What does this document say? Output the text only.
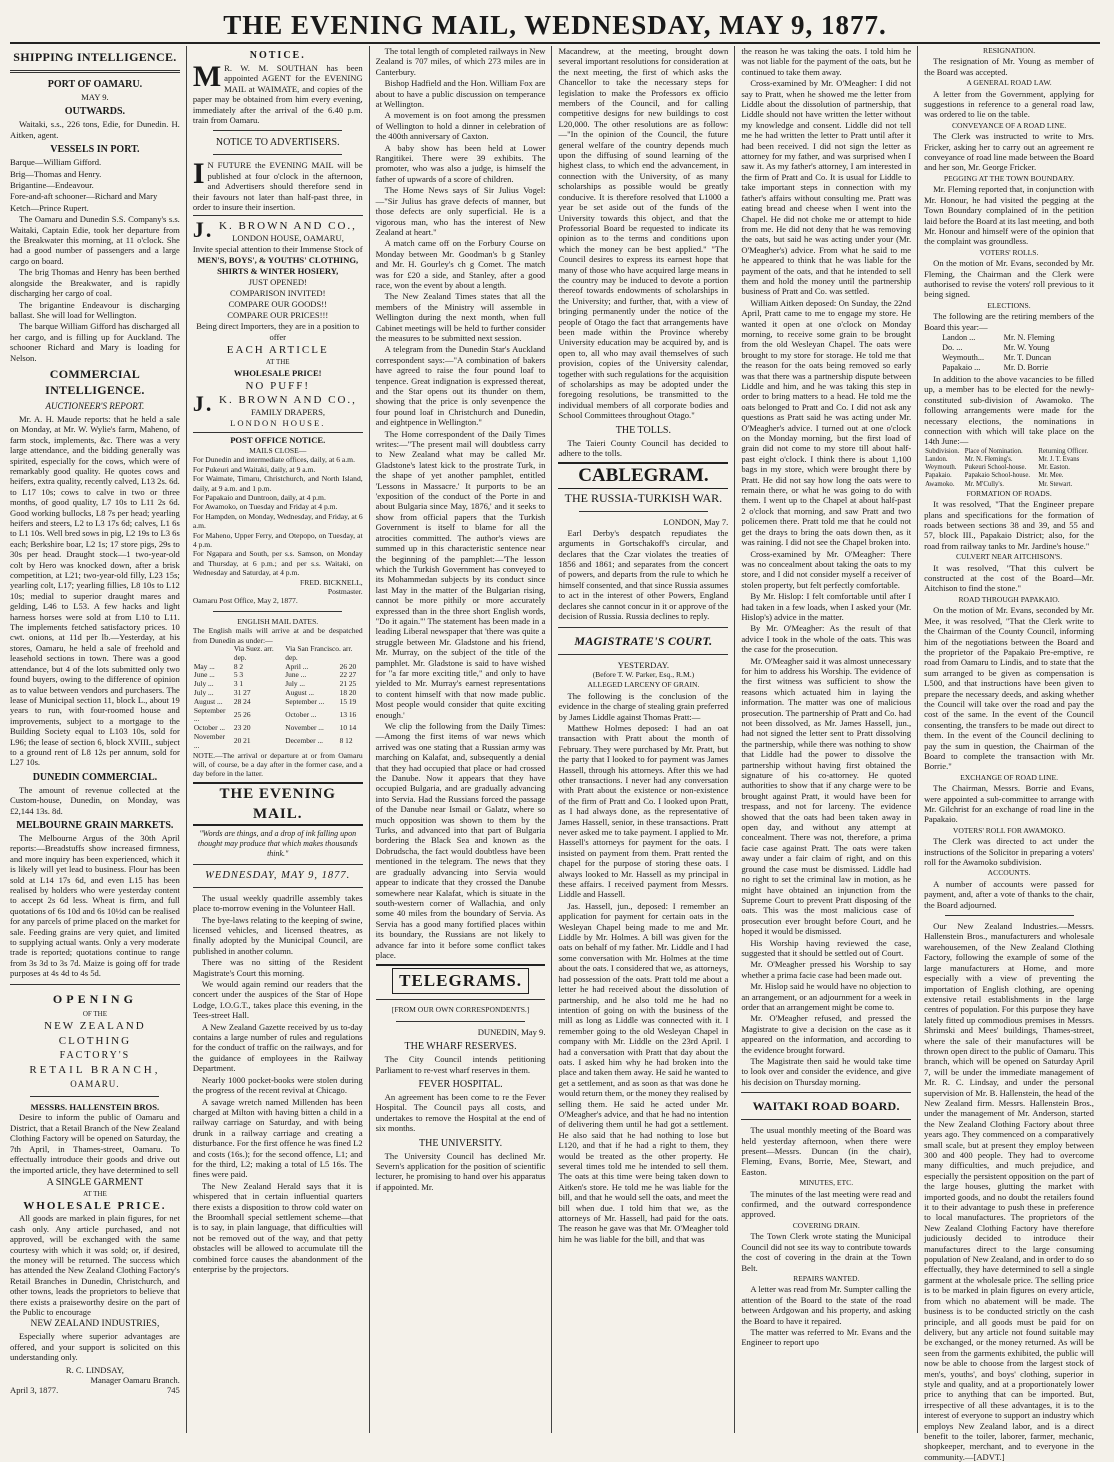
THE EVENING MAIL, WEDNESDAY, MAY 9, 1877.
SHIPPING INTELLIGENCE.
PORT OF OAMARU.
MAY 9.
OUTWARDS.

Waitaki, s.s., 226 tons, Edie, for Dunedin. H. Aitken, agent.

VESSELS IN PORT.

Barque—William Gifford.

Brig—Thomas and Henry.

Brigantine—Endeavour.

Fore-and-aft schooner—Richard and Mary

Ketch—Prince Rupert.

The Oamaru and Dunedin S.S. Company's s.s. Waitaki, Captain Edie, took her departure from the Breakwater this morning, at 11 o'clock. She had a good number of passengers and a large cargo on board.

The brig Thomas and Henry has been berthed alongside the Breakwater, and is rapidly discharging her cargo of coal.

The brigantine Endeavour is discharging ballast. She will load for Wellington.

The barque William Gifford has discharged all her cargo, and is filling up for Auckland. The schooner Richard and Mary is loading for Nelson.

COMMERCIAL INTELLIGENCE.
AUCTIONEER'S REPORT.

Mr. A. H. Maude reports: that he held a sale on Monday, at Mr. W. Wylie's farm, Maheno, of farm stock, implements, &c. There was a very large attendance, and the bidding generally was spirited, especially for the cows, which were of remarkably good quality. He quotes cows and heifers, extra quality, recently calved, L13 2s. 6d. to L17 10s; cows to calve in two or three months, of good quality, L7 10s to L11 2s 6d. Good working bullocks, L8 7s per head; yearling heifers and steers, L2 to L3 17s 6d; calves, L1 6s to L1 10s. Well bred sows in pig, L2 19s to L3 6s each; Berkshire boar, L2 1s; 17 store pigs, 29s to 30s per head. Draught stock—1 two-year-old colt by Hero was knocked down, after a brisk competition, at L21; two-year-old filly, L23 15s; yearling colt, L17; yearling fillies, L8 10s to L12 10s; medial to superior draught mares and gelding, L46 to L53. A few hacks and light harness horses were sold at from L10 to L11. The implements fetched satisfactory prices. 10 cwt. onions, at 11d per lb.—Yesterday, at his stores, Oamaru, he held a sale of freehold and leasehold sections in town. There was a good attendance, but 4 of the lots submitted only two found buyers, owing to the difference of opinion as to value between vendors and purchasers. The lease of Municipal section 11, block L., about 19 years to run, with four-roomed house and improvements, subject to a mortgage to the Building Society equal to L103 10s, sold for L96; the lease of section 6, block XVIII., subject to a ground rent of L8 12s per annum, sold for L27 10s.

DUNEDIN COMMERCIAL.

The amount of revenue collected at the Custom-house, Dunedin, on Monday, was £2,144 13s. 8d.

MELBOURNE GRAIN MARKETS.

The Melbourne Argus of the 30th April reports:—Breadstuffs show increased firmness, and more inquiry has been experienced, which it is likely will yet lead to business. Flour has been sold at L14 17s 6d, and even L15 has been realised by holders who were yesterday content to accept 2s 6d less. Wheat is firm, and full quotations of 6s 10d and 6s 10½d can be realised for any parcels of prime placed on the market for sale. Feeding grains are very quiet, and limited to supplying actual wants. Only a very moderate trade is reported; quotations continue to range from 3s 3d to 3s 7d. Maize is going off for trade purposes at 4s 4d to 4s 5d.

OPENING
OF THE
NEW ZEALAND CLOTHING
FACTORY'S
RETAIL BRANCH,
OAMARU.
MESSRS. HALLENSTEIN BROS.

Desire to inform the public of Oamaru and District, that a Retail Branch of the New Zealand Clothing Factory will be opened on Saturday, the 7th April, in Thames-street, Oamaru. To effectually introduce their goods and drive out the imported article, they have determined to sell

A SINGLE GARMENT
AT THE
WHOLESALE PRICE.

All goods are marked in plain figures, for net cash only. Any article purchased, and not approved, will be exchanged with the same courtesy with which it was sold; or, if desired, the money will be returned. The success which has attended the New Zealand Clothing Factory's Retail Branches in Dunedin, Christchurch, and other towns, leads the proprietors to believe that there exists a praiseworthy desire on the part of the Public to encourage

NEW ZEALAND INDUSTRIES,

Especially where superior advantages are offered, and your support is solicited on this understanding only.

R. C. LINDSAY,
Manager Oamaru Branch.
April 3, 1877.	745
NOTICE.

M R. W. M. SOUTHAN has been appointed AGENT for the EVENING MAIL at WAIMATE, and copies of the paper may be obtained from him every evening, immediately after the arrival of the 6.40 p.m. train from Oamaru.

NOTICE TO ADVERTISERS.

I N FUTURE the EVENING MAIL will be published at four o'clock in the afternoon, and Advertisers should therefore send in their favours not later than half-past three, in order to insure their insertion.

J. K. BROWN AND CO.,
LONDON HOUSE, OAMARU,
Invite special attention to their Immense Stock of
MEN'S, BOYS', & YOUTHS' CLOTHING,
SHIRTS & WINTER HOSIERY,
JUST OPENED!
COMPARISON INVITED!
COMPARE OUR GOODS!!
COMPARE OUR PRICES!!!
Being direct Importers, they are in a position to offer
EACH ARTICLE
AT THE
WHOLESALE PRICE!
NO PUFF!
J. K. BROWN AND CO.,
FAMILY DRAPERS,
LONDON HOUSE.
POST OFFICE NOTICE.
MAILS CLOSE—
For Dunedin and intermediate offices, daily, at 6 a.m.
For Pukeuri and Waitaki, daily, at 9 a.m.
For Waimate, Timaru, Christchurch, and North Island, daily, at 9 a.m. and 1 p.m.
For Papakaio and Duntroon, daily, at 4 p.m.
For Awamoko, on Tuesday and Friday at 4 p.m.
For Hampden, on Monday, Wednesday, and Friday, at 6 a.m.
For Maheno, Upper Ferry, and Otepopo, on Tuesday, at 4 p.m.
For Ngapara and South, per s.s. Samson, on Monday and Thursday, at 6 p.m.; and per s.s. Waitaki, on Wednesday and Saturday, at 4 p.m.
FRED. BICKNELL,
Postmaster.
Oamaru Post Office, May 2, 1877.
ENGLISH MAIL DATES.
The English mails will arrive at and be despatched from Dunedin as under:—
	Via Suez. arr. dep.	Via San Francisco. arr. dep.	
May ...	8 2	April ...	26 20
June ...	5 3	June ...	22 27
July ...	3 1	July ...	21 25
July ...	31 27	August ...	18 20
August ...	28 24	September ...	15 19
September ...	25 26	October ...	13 16
October ...	23 20	November ...	10 14
November ...	20 21	December ...	8 12
NOTE.—The arrival or departure at or from Oamaru will, of course, be a day after in the former case, and a day before in the latter.
THE EVENING MAIL.
"Words are things, and a drop of ink falling upon thought may produce that which makes thousands think."
WEDNESDAY, MAY 9, 1877.

The usual weekly quadrille assembly takes place to-morrow evening in the Volunteer Hall.

The bye-laws relating to the keeping of swine, licensed vehicles, and licensed theatres, as finally adopted by the Municipal Council, are published in another column.

There was no sitting of the Resident Magistrate's Court this morning.

We would again remind our readers that the concert under the auspices of the Star of Hope Lodge, I.O.G.T., takes place this evening, in the Tees-street Hall.

A New Zealand Gazette received by us to-day contains a large number of rules and regulations for the conduct of traffic on the railways, and for the guidance of employees in the Railway Department.

Nearly 1000 pocket-books were stolen during the progress of the recent revival at Chicago.

A savage wretch named Millenden has been charged at Milton with having bitten a child in a railway carriage on Saturday, and with being drunk in a railway carriage and creating a disturbance. For the first offence he was fined L2 and costs (16s.); for the second offence, L1; and for the third, L2; making a total of L5 16s. The fines were paid.

The New Zealand Herald says that it is whispered that in certain influential quarters there exists a disposition to throw cold water on the Broomhall special settlement scheme—that is to say, in plain language, that difficulties will not be removed out of the way, and that petty obstacles will be allowed to accumulate till the combined force causes the abandonment of the enterprise by the projectors.

The total length of completed railways in New Zealand is 707 miles, of which 273 miles are in Canterbury.

Bishop Hadfield and the Hon. William Fox are about to have a public discussion on temperance at Wellington.

A movement is on foot among the pressmen of Wellington to hold a dinner in celebration of the 400th anniversary of Caxton.

A baby show has been held at Lower Rangitikei. There were 39 exhibits. The promoter, who was also a judge, is himself the father of upwards of a score of children.

The Home News says of Sir Julius Vogel:—"Sir Julius has grave defects of manner, but those defects are only superficial. He is a vigorous man, who has the interest of New Zealand at heart."

A match came off on the Forbury Course on Monday between Mr. Goodman's b g Stanley and Mr. H. Gourley's ch g Comet. The match was for £20 a side, and Stanley, after a good race, won the event by about a length.

The New Zealand Times states that all the members of the Ministry will assemble in Wellington during the next month, when full Cabinet meetings will be held to further consider the measures to be submitted next session.

A telegram from the Dunedin Star's Auckland correspondent says:—"A combination of bakers have agreed to raise the four pound loaf to tenpence. Great indignation is expressed thereat, and the Star opens out its thunder on them, showing that the price is only sevenpence the four pound loaf in Christchurch and Dunedin, and eightpence in Wellington."

The Home correspondent of the Daily Times writes:—"The present mail will doubtless carry to New Zealand what may be called Mr. Gladstone's latest kick to the prostrate Turk, in the shape of yet another pamphlet, entitled 'Lessons in Massacre.' It purports to be an 'exposition of the conduct of the Porte in and about Bulgaria since May, 1876,' and it seeks to show from official papers that the Turkish Government is itself to blame for all the atrocities committed. The author's views are summed up in this characteristic sentence near the beginning of the pamphlet:—'The lesson which the Turkish Government has conveyed to its Mohammedan subjects by its conduct since last May in the matter of the Bulgarian rising, cannot be more pithily or more accurately expressed than in the three short English words, "Do it again."' The statement has been made in a leading Liberal newspaper that 'there was quite a struggle between Mr. Gladstone and his friend, Mr. Murray, on the subject of the title of the pamphlet. Mr. Gladstone is said to have wished for "a far more exciting title," and only to have yielded to Mr. Murray's earnest representations to content himself with that now made public. Most people would consider that quite exciting enough.'

We clip the following from the Daily Times:—Among the first items of war news which arrived was one stating that a Russian army was marching on Kalafat, and, subsequently a denial that they had occupied that place or had crossed the Danube. Now it appears that they have occupied Bulgaria, and are gradually advancing into Servia. Had the Russians forced the passage of the Danube near Ismail or Galatz, where so much opposition was shown to them by the Turks, and advanced into that part of Bulgaria bordering the Black Sea and known as the Dobrudscha, the fact would doubtless have been mentioned in the telegram. The news that they are gradually advancing into Servia would appear to indicate that they crossed the Danube somewhere near Kalafat, which is situate in the south-western corner of Wallachia, and only some 40 miles from the boundary of Servia. As Servia has a good many fortified places within its boundary, the Russians are not likely to advance far into it before some conflict takes place.

TELEGRAMS.
[FROM OUR OWN CORRESPONDENTS.]
DUNEDIN, May 9.
THE WHARF RESERVES.

The City Council intends petitioning Parliament to re-vest wharf reserves in them.

FEVER HOSPITAL.

An agreement has been come to re the Fever Hospital. The Council pays all costs, and undertakes to remove the Hospital at the end of six months.

THE UNIVERSITY.

The University Council has declined Mr. Severn's application for the position of scientific lecturer, he promising to hand over his apparatus if appointed. Mr.

Macandrew, at the meeting, brought down several important resolutions for consideration at the next meeting, the first of which asks the Chancellor to take the necessary steps for legislation to make the Professors ex officio members of the Council, and for calling competitive designs for new buildings to cost L20,000. The other resolutions are as follow:—"In the opinion of the Council, the future general welfare of the country depends much upon the diffusing of sound learning of the highest class, to which end the advancement, in connection with the University, of as many scholarships as possible would be greatly conducive. It is therefore resolved that L1000 a year be set aside out of the funds of the University towards this object, and that the Professorial Board be requested to indicate its opinion as to the terms and conditions upon which the money can be best applied." "The Council desires to express its earnest hope that many of those who have acquired large means in the country may be induced to devote a portion thereof towards endowments of scholarships in the University; and further, that, with a view of bringing permanently under the notice of the people of Otago the fact that arrangements have been made within the Province whereby University education may be acquired by, and is open to, all who may avail themselves of such provision, copies of the University calendar, together with such regulations for the acquisition of scholarships as may be adopted under the foregoing resolutions, be transmitted to the individual members of all corporate bodies and School Committees throughout Otago."

THE TOLLS.

The Taieri County Council has decided to adhere to the tolls.

CABLEGRAM.
THE RUSSIA-TURKISH WAR.
LONDON, May 7.

Earl Derby's despatch repudiates the arguments in Gortschakoff's circular, and declares that the Czar violates the treaties of 1856 and 1861; and separates from the concert of powers, and departs from the rule to which he himself consented, and that since Russia assumes to act in the interest of other Powers, England declares she cannot concur in it or approve of the decision of Russia. Russia declines to reply.

MAGISTRATE'S COURT.
YESTERDAY.
(Before T. W. Parker, Esq., R.M.)
ALLEGED LARCENY OF GRAIN.

The following is the conclusion of the evidence in the charge of stealing grain preferred by James Liddle against Thomas Pratt:—

Matthew Holmes deposed: I had an oat transaction with Pratt about the month of February. They were purchased by Mr. Pratt, but the party that I looked to for payment was James Hassell, through his attorneys. After this we had other transactions. I never had any conversation with Pratt about the existence or non-existence of the firm of Pratt and Co. I looked upon Pratt, as I had always done, as the representative of James Hassell, senior, in these transactions. Pratt never asked me to take payment. I applied to Mr. Hassell's attorneys for payment for the oats. I insisted on payment from them. Pratt rented the chapel for the purpose of storing these oats. I always looked to Mr. Hassell as my principal in these affairs. I received payment from Messrs. Liddle and Hassell.

Jas. Hassell, jun., deposed: I remember an application for payment for certain oats in the Wesleyan Chapel being made to me and Mr. Liddle by Mr. Holmes. A bill was given for the oats on behalf of my father. Mr. Liddle and I had some conversation with Mr. Holmes at the time about the oats. I considered that we, as attorneys, had possession of the oats. Pratt told me about a letter he had received about the dissolution of partnership, and he also told me he had no intention of going on with the business of the mill as long as Liddle was connected with it. I remember going to the old Wesleyan Chapel in company with Mr. Liddle on the 23rd April. I had a conversation with Pratt that day about the oats. I asked him why he had broken into the place and taken them away. He said he wanted to get a settlement, and as soon as that was done he would return them, or the money they realised by selling them. He said he acted under Mr. O'Meagher's advice, and that he had no intention of delivering them until he had got a settlement. He also said that he had nothing to lose but L120, and that if he had a right to them, they would be treated as the other property. He several times told me he intended to sell them. The oats at this time were being taken down to Aitken's store. He told me he was liable for the bill, and that he would sell the oats, and meet the bill when due. I told him that we, as the attorneys of Mr. Hassell, had paid for the oats. The reason he gave was that Mr. O'Meagher told him he was liable for the bill, and that was

the reason he was taking the oats. I told him he was not liable for the payment of the oats, but he continued to take them away.

Cross-examined by Mr. O'Meagher: I did not say to Pratt, when he showed me the letter from Liddle about the dissolution of partnership, that Liddle should not have written the letter without my knowledge and consent. Liddle did not tell me he had written the letter to Pratt until after it had been received. I did not sign the letter as attorney for my father, and was surprised when I saw it. As my father's attorney, I am interested in the firm of Pratt and Co. It is usual for Liddle to take important steps in connection with my father's affairs without consulting me. Pratt was eating bread and cheese when I went into the Chapel. He did not choke me or attempt to hide from me. He did not deny that he was removing the oats, but said he was acting under your (Mr. O'Meagher's) advice. From what he said to me he appeared to think that he was liable for the payment of the oats, and that he intended to sell them and hold the money until the partnership business of Pratt and Co. was settled.

William Aitken deposed: On Sunday, the 22nd April, Pratt came to me to engage my store. He wanted it open at one o'clock on Monday morning, to receive some grain to be brought from the old Wesleyan Chapel. The oats were brought to my store for storage. He told me that the reason for the oats being removed so early was that there was a partnership dispute between Liddle and him, and he was taking this step in order to bring matters to a head. He told me the oats belonged to Pratt and Co. I did not ask any questions as Pratt said he was acting under Mr. O'Meagher's advice. I turned out at one o'clock on the Monday morning, but the first load of grain did not come to my store till about half-past eight o'clock. I think there is about 1,100 bags in my store, which were brought there by Pratt. He did not say how long the oats were to remain there, or what he was going to do with them. I went up to the Chapel at about half-past 2 o'clock that morning, and saw Pratt and two policemen there. Pratt told me that he could not get the drays to bring the oats down then, as it was raining. I did not see the Chapel broken into.

Cross-examined by Mr. O'Meagher: There was no concealment about taking the oats to my store, and I did not consider myself a receiver of stolen property, but felt perfectly comfortable.

By Mr. Hislop: I felt comfortable until after I had taken in a few loads, when I asked your (Mr. Hislop's) advice in the matter.

By Mr. O'Meagher: As the result of that advice I took in the whole of the oats. This was the case for the prosecution.

Mr. O'Meagher said it was almost unnecessary for him to address his Worship. The evidence of the first witness was sufficient to show the reasons which actuated him in laying the information. The matter was one of malicious prosecution. The partnership of Pratt and Co. had not been dissolved, as Mr. James Hassell, jun., had not signed the letter sent to Pratt dissolving the partnership, while there was nothing to show that Liddle had the power to dissolve the partnership without having first obtained the signature of his co-attorney. He quoted authorities to show that if any charge were to be brought against Pratt, it would have been for trespass, and not for larceny. The evidence showed that the oats had been taken away in open day, and without any attempt at concealment. There was not, therefore, a prima facie case against Pratt. The oats were taken away under a fair claim of right, and on this ground the case must be dismissed. Liddle had no right to set the criminal law in motion, as he might have obtained an injunction from the Supreme Court to prevent Pratt disposing of the oats. This was the most malicious case of prosecution ever brought before Court, and he hoped it would be dismissed.

His Worship having reviewed the case, suggested that it should be settled out of Court.

Mr. O'Meagher pressed his Worship to say whether a prima facie case had been made out.

Mr. Hislop said he would have no objection to an arrangement, or an adjournment for a week in order that an arrangement might be come to.

Mr. O'Meagher refused, and pressed the Magistrate to give a decision on the case as it appeared on the information, and according to the evidence brought forward.

The Magistrate then said he would take time to look over and consider the evidence, and give his decision on Thursday morning.

WAITAKI ROAD BOARD.

The usual monthly meeting of the Board was held yesterday afternoon, when there were present—Messrs. Duncan (in the chair), Fleming, Evans, Borrie, Mee, Stewart, and Easton.

MINUTES, ETC.

The minutes of the last meeting were read and confirmed, and the outward correspondence approved.

COVERING DRAIN.

The Town Clerk wrote stating the Municipal Council did not see its way to contribute towards the cost of covering in the drain at the Town Belt.

REPAIRS WANTED.

A letter was read from Mr. Sumpter calling the attention of the Board to the state of the road between Ardgowan and his property, and asking the Board to have it repaired.

The matter was referred to Mr. Evans and the Engineer to report upo

RESIGNATION.

The resignation of Mr. Young as member of the Board was accepted.

A GENERAL ROAD LAW.

A letter from the Government, applying for suggestions in reference to a general road law, was ordered to lie on the table.

CONVEYANCE OF A ROAD LINE.

The Clerk was instructed to write to Mrs. Fricker, asking her to carry out an agreement re conveyance of road line made between the Board and her son, Mr. George Fricker.

PEGGING AT THE TOWN BOUNDARY.

Mr. Fleming reported that, in conjunction with Mr. Honour, he had visited the pegging at the Town Boundary complained of in the petition laid before the Board at its last meeting, and both Mr. Honour and himself were of the opinion that the complaint was groundless.

VOTERS' ROLLS.

On the motion of Mr. Evans, seconded by Mr. Fleming, the Chairman and the Clerk were authorised to revise the voters' roll previous to it being signed.

ELECTIONS.

The following are the retiring members of the Board this year:—

Landon ...	Mr. N. Fleming
Do. ...	Mr. W. Young
Weymouth...	Mr. T. Duncan
Papakaio ...	Mr. D. Borrie

In addition to the above vacancies to be filled up, a member has to be elected for the newly-constituted sub-division of Awamoko. The following arrangements were made for the necessary elections, the nominations in connection with which will take place on the 14th June:—

Subdivision.	Place of Nomination.	Returning Officer.
Landon.	Mr. N. Fleming's.	Mr. J. T. Evans
Weymouth.	Pukeuri School-house.	Mr. Easton.
Papakaio.	Papakaio School-house.	Mr. Mee.
Awamoko.	Mr. M'Cully's.	Mr. Stewart.
FORMATION OF ROADS.

It was resolved, "That the Engineer prepare plans and specifications for the formation of roads between sections 38 and 39, and 55 and 57, block III., Papakaio District; also, for the road from railway tanks to Mr. Jardine's house."

CULVERT NEAR AITCHISON'S.

It was resolved, "That this culvert be constructed at the cost of the Board—Mr. Aitchison to find the stone."

ROAD THROUGH PAPAKAIO.

On the motion of Mr. Evans, seconded by Mr. Mee, it was resolved, "That the Clerk write to the Chairman of the County Council, informing him of the negotiations between the Board and the proprietor of the Papakaio Pre-emptive, re road from Oamaru to Lindis, and to state that the sum arranged to be given as compensation is L500, and that instructions have been given to prepare the necessary deeds, and asking whether the Council will take over the road and pay the cost of the same. In the event of the Council consenting, the transfers to be made out direct to them. In the event of the Council declining to pay the sum in question, the Chairman of the Board to complete the transaction with Mr. Borrie."

EXCHANGE OF ROAD LINE.

The Chairman, Messrs. Borrie and Evans, were appointed a sub-committee to arrange with Mr. Gilchrist for an exchange of road line in the Papakaio.

VOTERS' ROLL FOR AWAMOKO.

The Clerk was directed to act under the instructions of the Solicitor in preparing a voters' roll for the Awamoko subdivision.

ACCOUNTS.

A number of accounts were passed for payment, and, after a vote of thanks to the chair, the Board adjourned.

Our New Zealand Industries.—Messrs. Hallenstein Bros., manufacturers and wholesale warehousemen, of the New Zealand Clothing Factory, following the example of some of the large manufacturers at Home, and more especially with a view of preventing the importation of English clothing, are opening extensive retail establishments in the large centres of population. For this purpose they have lately fitted up commodious premises in Messrs. Shrimski and Mees' buildings, Thames-street, where the sale of their manufactures will be thrown open direct to the public of Oamaru. This branch, which will be opened on Saturday April 7, will be under the immediate management of Mr. R. C. Lindsay, and under the personal supervision of Mr. B. Hallenstein, the head of the New Zealand firm. Messrs. Hallenstein Bros., under the management of Mr. Anderson, started the New Zealand Clothing Factory about three years ago. They commenced on a comparatively small scale, but at present they employ between 300 and 400 people. They had to overcome many difficulties, and much prejudice, and especially the persistent opposition on the part of the large houses, glutting the market with imported goods, and no doubt the retailers found it to their advantage to push these in preference to local manufactures. The proprietors of the New Zealand Clothing Factory have therefore judiciously decided to introduce their manufactures direct to the large consuming population of New Zealand, and in order to do so effectually, they have determined to sell a single garment at the wholesale price. The selling price is to be marked in plain figures on every article, from which no abatement will be made. The business is to be conducted strictly on the cash principle, and all goods must be paid for on delivery, but any article not found suitable may be exchanged, or the money returned. As will be seen from the garments exhibited, the public will now be able to choose from the largest stock of men's, youths', and boys' clothing, superior in style and quality, and at a proportionately lower price to anything that can be imported. But, irrespective of all these advantages, it is to the interest of everyone to support an industry which employs New Zealand labor, and is a direct benefit to the toiler, laborer, farmer, mechanic, shopkeeper, merchant, and to everyone in the community.—[ADVT.]
